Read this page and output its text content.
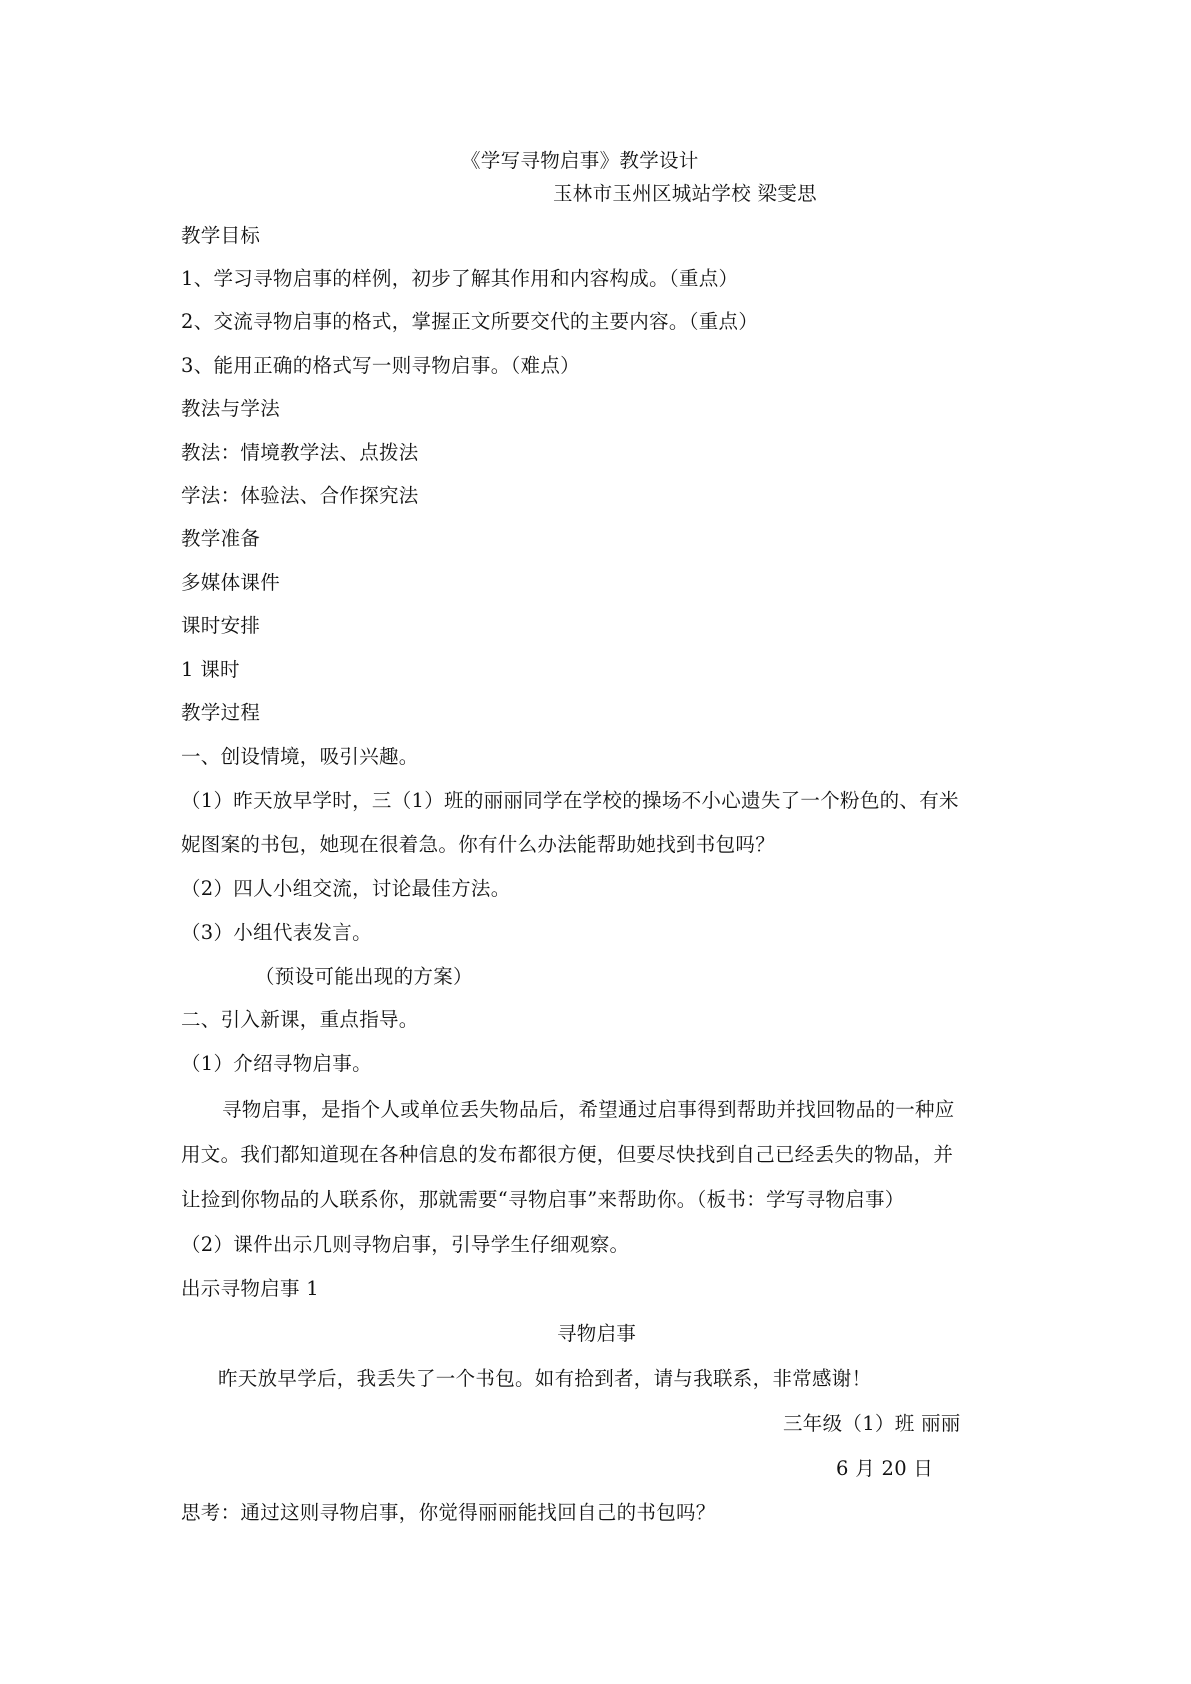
《学写寻物启事》教学设计
玉林市玉州区城站学校 梁雯思
教学目标
1、学习寻物启事的样例，初步了解其作用和内容构成。（重点）
2、交流寻物启事的格式，掌握正文所要交代的主要内容。（重点）
3、能用正确的格式写一则寻物启事。（难点）
教法与学法
教法：情境教学法、点拨法
学法：体验法、合作探究法
教学准备
多媒体课件
课时安排
1 课时
教学过程
一、创设情境，吸引兴趣。
（1）昨天放早学时，三（1）班的丽丽同学在学校的操场不小心遗失了一个粉色的、有米
妮图案的书包，她现在很着急。你有什么办法能帮助她找到书包吗？
（2）四人小组交流，讨论最佳方法。
（3）小组代表发言。
（预设可能出现的方案）
二、引入新课，重点指导。
（1）介绍寻物启事。
寻物启事，是指个人或单位丢失物品后，希望通过启事得到帮助并找回物品的一种应
用文。我们都知道现在各种信息的发布都很方便，但要尽快找到自己已经丢失的物品，并
让捡到你物品的人联系你，那就需要“寻物启事”来帮助你。（板书：学写寻物启事）
（2）课件出示几则寻物启事，引导学生仔细观察。
出示寻物启事 1
寻物启事
昨天放早学后，我丢失了一个书包。如有拾到者，请与我联系，非常感谢！
三年级（1）班 丽丽
6 月 20 日
思考：通过这则寻物启事，你觉得丽丽能找回自己的书包吗？
